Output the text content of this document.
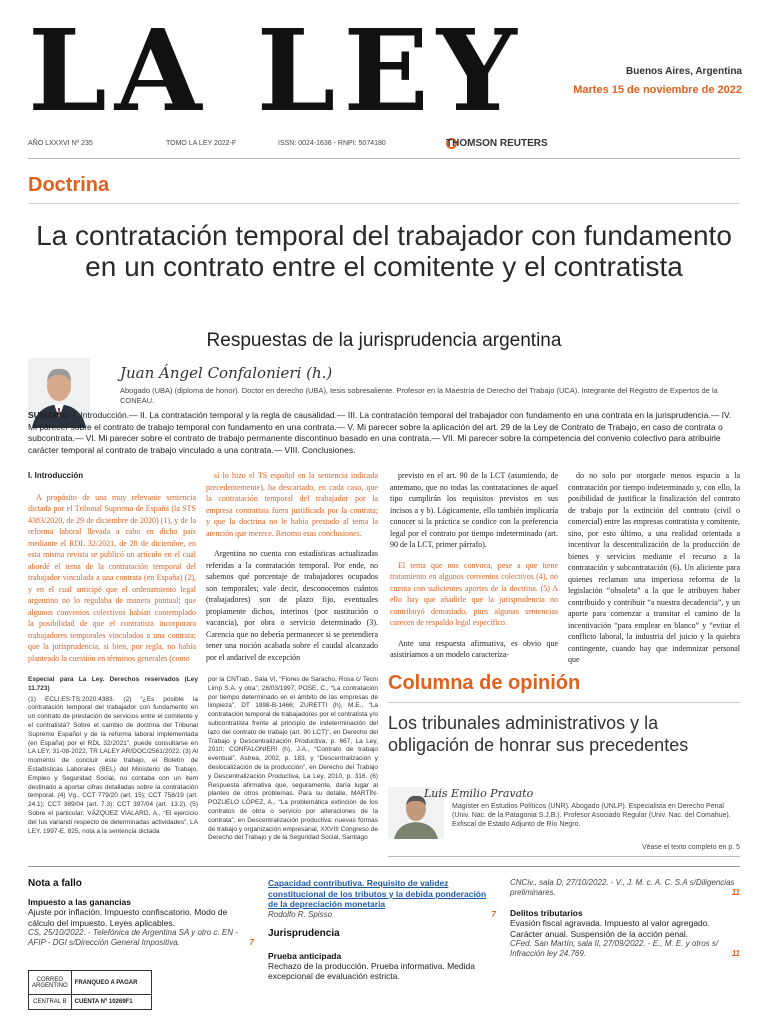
LA LEY	Buenos Aires, Argentina
Martes 15 de noviembre de 2022
AÑO LXXXVI Nº 235	TOMO LA LEY 2022-F	ISSN: 0024-1636 - RNPI: 5074180	THOMSON REUTERS
Doctrina
La contratación temporal del trabajador con fundamento en un contrato entre el comitente y el contratista
Respuestas de la jurisprudencia argentina
Juan Ángel Confalonieri (h.)
Abogado (UBA) (diploma de honor). Doctor en derecho (UBA), tesis sobresaliente. Profesor en la Maestría de Derecho del Trabajo (UCA). Integrante del Registro de Expertos de la CONEAU.
SUMARIO: I. Introducción.— II. La contratación temporal y la regla de causalidad.— III. La contratación temporal del trabajador con fundamento en una contrata en la jurisprudencia.— IV. Mi parecer sobre el contrato de trabajo temporal con fundamento en una contrata.— V. Mi parecer sobre la aplicación del art. 29 de la Ley de Contrato de Trabajo, en caso de contrata o subcontrata.— VI. Mi parecer sobre el contrato de trabajo permanente discontinuo basado en una contrata.— VII. Mi parecer sobre la competencia del convenio colectivo para atribuirle carácter temporal al contrato de trabajo vinculado a una contrata.— VIII. Conclusiones.
I. Introducción

A propósito de una muy relevante sentencia dictada por el Tribunal Supremo de España (la STS 4383/2020, de 29 de diciembre de 2020) (1), y de la reforma laboral llevada a cabo en dicho país mediante el RDL 32/2021, de 28 de diciembre, en esta misma revista se publicó un artículo en el cual abordé el tema de la contratación temporal del trabajador vinculada a una contrata (en España) (2), y en el cual anticipé que el ordenamiento legal argentino no lo regulaba de manera puntual; que algunos convenios colectivos habían contemplado la posibilidad de que el contratista incorporara trabajadores temporales vinculados a una contrata; que la jurisprudencia, si bien, por regla, no había planteado la cuestión en términos generales (como

sí lo hizo el TS español en la sentencia indicada precedentemente), ha descartado, en cada caso, que la contratación temporal del trabajador por la empresa contratista fuera justificada por la contrata; y que la doctrina no le había prestado al tema la atención que merece. Retomo esas conclusiones.

Argentina no cuenta con estadísticas actualizadas referidas a la contratación temporal. Por ende, no sabemos qué porcentaje de trabajadores ocupados son temporales; vale decir, desconocemos cuántos (trabajadores) son de plazo fijo, eventuales propiamente dichos, interinos (por sustitución o vacancia), por obra o servicio determinado (3). Carencia que no debería permanecer si se pretendiera tener una noción acabada sobre el caudal alcanzado por el andarivel de excepción

previsto en el art. 90 de la LCT (asumiendo, de antemano, que no todas las contrataciones de aquel tipo cumplirán los requisitos previstos en sus incisos a y b). Lógicamente, ello también implicaría conocer si la práctica se condice con la preferencia legal por el contrato por tiempo indeterminado (art. 90 de la LCT, primer párrafo).

El tema que nos convoca, pese a que tiene tratamiento en algunos convenios colectivos (4), no cuenta con suficientes aportes de la doctrina. (5) A ello hay que añadirle que la jurisprudencia no contribuyó demasiado, pues algunas sentencias carecen de respaldo legal específico.

Ante una respuesta afirmativa, es obvio que asistiríamos a un modelo caracteriza-

do no solo por otorgarle menos espacio a la contratación por tiempo indeterminado y, con ello, la posibilidad de justificar la finalización del contrato de trabajo por la extinción del contrato (civil o comercial) entre las empresas contratista y comitente, sino, por esto último, a una realidad orientada a incentivar la descentralización de la producción de bienes y servicios mediante el recurso a la contratación y subcontratación (6). Un aliciente para quienes reclaman una imperiosa reforma de la legislación “obsoleta” a la que le atribuyen haber contribuido y contribuir “a nuestra decadencia”, y un aporte para comenzar a transitar el camino de la incentivación “para emplear en blanco” y “evitar el conflicto laboral, la industria del juicio y la quiebra contingente, cuando hay que indemnizar personal que

Especial para La Ley. Derechos reservados (Ley 11.723)
(1) ECLI:ES:TS:2020:4383. (2) “¿Es posible la contratación temporal del trabajador con fundamento en un contrato de prestación de servicios entre el comitente y el contratista? Sobre el cambio de doctrina del Tribunal Supremo Español y de la reforma laboral implementada (en España) por el RDL 32/2021”, puede consultarse en LA LEY, 31-08-2022, TR LALEY AR/DOC/2561/2022. (3) Al momento de concluir este trabajo, el Boletín de Estadísticas Laborales (BEL) del Ministerio de Trabajo, Empleo y Seguridad Social, no contaba con un ítem destinado a aportar cifras detalladas sobre la contratación temporal. (4) Vg., CCT 779/20 (art. 15); CCT 758/19 (art. 24.1); CCT 389/04 (art. 7.3); CCT 397/04 (art. 13.2). (5) Sobre el particular: VÁZQUEZ VIALARD, A., “El ejercicio del Ius variandi respecto de determinadas actividades”, LA LEY, 1997-E, 825, nota a la sentencia dictada
por la CNTrab., Sala VI, “Flores de Saracho, Rosa c/ Tecni Limp S.A. y otra”, 28/03/1997; POSE, C., “La contratación por tiempo determinado en el ámbito de las empresas de limpieza”, DT 1998-B-1466; ZURETTI (h), M.E., “La contratación temporal de trabajadores por el contratista y/o subcontratista frente al principio de indeterminación del lazo del contrato de trabajo (art. 90 LCT)”, en Derecho del Trabajo y Descentralización Productiva, p. 667, La Ley, 2010; CONFALONIERI (h), J.A., “Contrato de trabajo eventual”, Astrea, 2002, p. 183, y “Descentralización y deslocalización de la producción”, en Derecho del Trabajo y Descentralización Productiva, La Ley, 2010, p. 316. (6) Respuesta afirmativa que, seguramente, daría lugar al planteo de otros problemas. Para su detalle, MARTÍN-POZUELO LÓPEZ, A., “La problemática extinción de los contratos de obra o servicio por alteraciones de la contrata”, en Descentralización productiva: nuevas formas de trabajo y organización empresarial, XXVIII Congreso de Derecho del Trabajo y de la Seguridad Social, Santiago
Columna de opinión
Los tribunales administrativos y la obligación de honrar sus precedentes
Luis Emilio Pravato
Magíster en Estudios Políticos (UNR). Abogado (UNLP). Especialista en Derecho Penal (Univ. Nac. de la Patagonia S.J.B.). Profesor Asociado Regular (Univ. Nac. del Comahue). Exfiscal de Estado Adjunto de Río Negro.
Véase el texto completo en p. 5
Nota a fallo
Impuesto a las ganancias
Ajuste por inflación. Impuesto confiscatorio. Modo de cálculo del impuesto. Leyes aplicables.
CS, 25/10/2022. - Telefónica de Argentina SA y otro c. EN - AFIP - DGI s/Dirección General Impositiva.	7
Capacidad contributiva. Requisito de validez constitucional de los tributos y la debida ponderación de la depreciación monetaria
Rodolfo R. Spisso	7
Jurisprudencia
Prueba anticipada
Rechazo de la producción. Prueba informativa. Medida excepcional de evaluación estricta.
CNCiv., sala D, 27/10/2022. - V., J. M. c. A. C. S.A s/Diligencias preliminares.	11
Delitos tributarios
Evasión fiscal agravada. Impuesto al valor agregado. Carácter anual. Suspensión de la acción penal.
CFed. San Martín, sala II, 27/09/2022. - E., M. E. y otros s/ Infracción ley 24.769.	11
CORREO ARGENTINO	FRANQUEO A PAGAR
CENTRAL B	CUENTA Nº 10269F1
